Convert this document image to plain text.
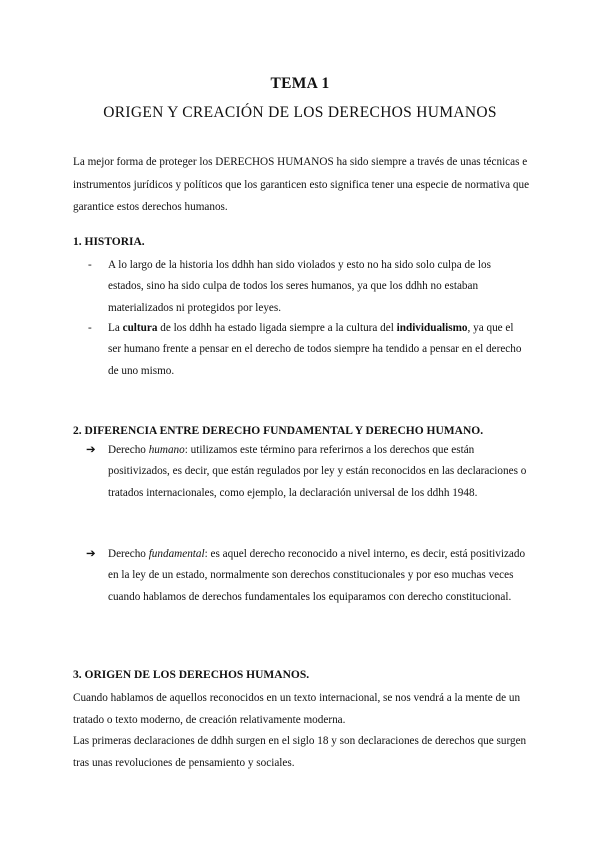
TEMA 1
ORIGEN Y CREACIÓN DE LOS DERECHOS HUMANOS

La mejor forma de proteger los DERECHOS HUMANOS ha sido siempre a través de unas técnicas e instrumentos jurídicos y políticos que los garanticen esto significa tener una especie de normativa que garantice estos derechos humanos.

1. HISTORIA.
- A lo largo de la historia los ddhh han sido violados y esto no ha sido solo culpa de los estados, sino ha sido culpa de todos los seres humanos, ya que los ddhh no estaban materializados ni protegidos por leyes.
- La cultura de los ddhh ha estado ligada siempre a la cultura del individualismo, ya que el ser humano frente a pensar en el derecho de todos siempre ha tendido a pensar en el derecho de uno mismo.
2. DIFERENCIA ENTRE DERECHO FUNDAMENTAL Y DERECHO HUMANO.
➔ Derecho humano: utilizamos este término para referirnos a los derechos que están positivizados, es decir, que están regulados por ley y están reconocidos en las declaraciones o tratados internacionales, como ejemplo, la declaración universal de los ddhh 1948.
➔ Derecho fundamental: es aquel derecho reconocido a nivel interno, es decir, está positivizado en la ley de un estado, normalmente son derechos constitucionales y por eso muchas veces cuando hablamos de derechos fundamentales los equiparamos con derecho constitucional.
3. ORIGEN DE LOS DERECHOS HUMANOS.

Cuando hablamos de aquellos reconocidos en un texto internacional, se nos vendrá a la mente de un tratado o texto moderno, de creación relativamente moderna.

Las primeras declaraciones de ddhh surgen en el siglo 18 y son declaraciones de derechos que surgen tras unas revoluciones de pensamiento y sociales.
